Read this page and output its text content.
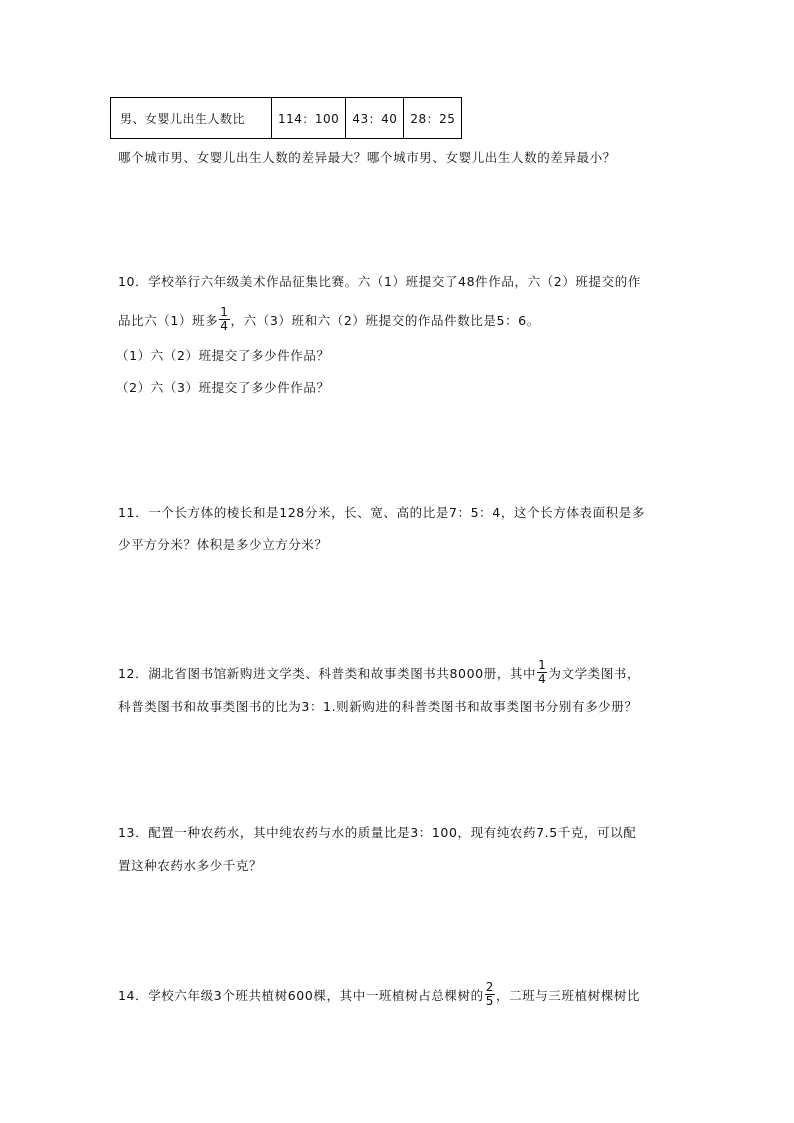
男、女婴儿出生人数比	114：100	43：40	28：25
哪个城市男、女婴儿出生人数的差异最大？哪个城市男、女婴儿出生人数的差异最小？
10．学校举行六年级美术作品征集比赛。六（1）班提交了48件作品，六（2）班提交的作
品比六（1）班多 $\frac{1}{4}$ ，六（3）班和六（2）班提交的作品件数比是5：6。
（1）六（2）班提交了多少件作品？
（2）六（3）班提交了多少件作品？
11．一个长方体的棱长和是128分米，长、宽、高的比是7：5：4，这个长方体表面积是多
少平方分米？体积是多少立方分米？
12．湖北省图书馆新购进文学类、科普类和故事类图书共8000册，其中 $\frac{1}{4}$ 为文学类图书，
科普类图书和故事类图书的比为3：1.则新购进的科普类图书和故事类图书分别有多少册？
13．配置一种农药水，其中纯农药与水的质量比是3：100，现有纯农药7.5千克，可以配
置这种农药水多少千克？
14．学校六年级3个班共植树600棵，其中一班植树占总棵树的 $\frac{2}{5}$ ，二班与三班植树棵树比
